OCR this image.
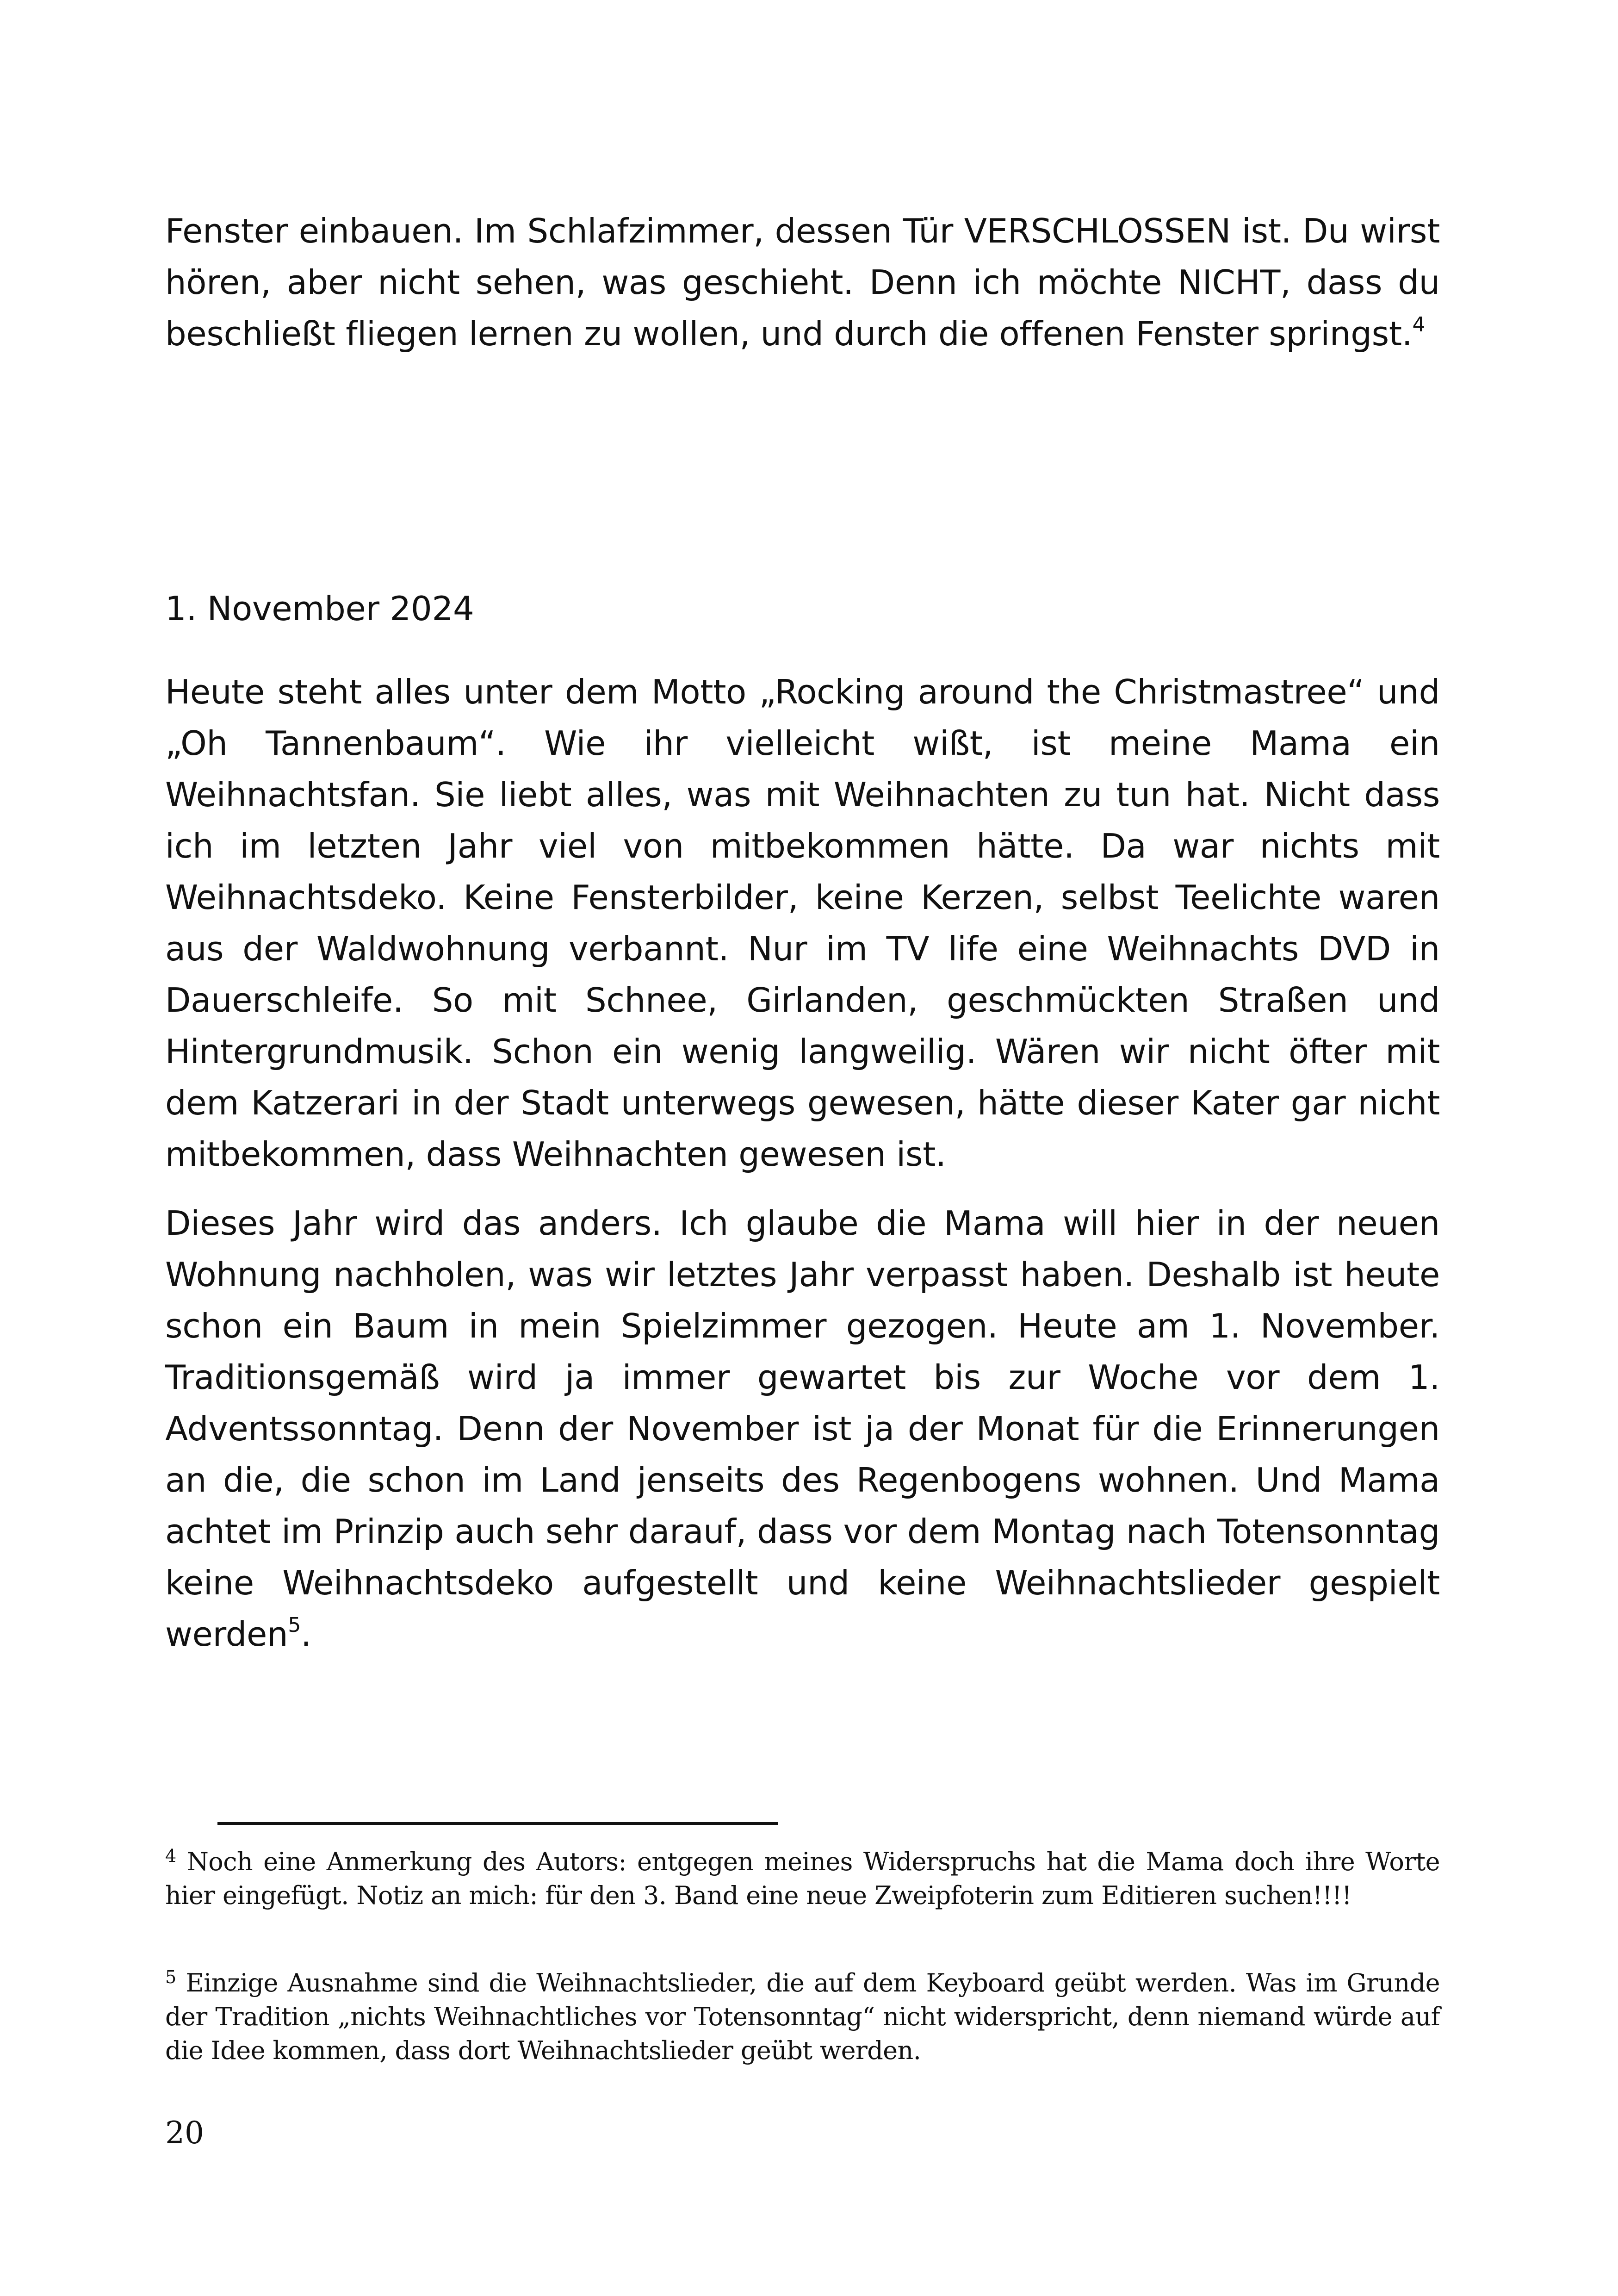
Fenster einbauen. Im Schlafzimmer, dessen Tür VERSCHLOSSEN ist. Du wirst hören, aber nicht sehen, was geschieht. Denn ich möchte NICHT, dass du beschließt fliegen lernen zu wollen, und durch die offenen Fenster springst.$^4$

1. November 2024

Heute steht alles unter dem Motto „Rocking around the Christmastree“ und „Oh Tannenbaum“. Wie ihr vielleicht wißt, ist meine Mama ein Weihnachtsfan. Sie liebt alles, was mit Weihnachten zu tun hat. Nicht dass ich im letzten Jahr viel von mitbekommen hätte. Da war nichts mit Weihnachtsdeko. Keine Fensterbilder, keine Kerzen, selbst Teelichte waren aus der Waldwohnung verbannt. Nur im TV life eine Weihnachts DVD in Dauerschleife. So mit Schnee, Girlanden, geschmückten Straßen und Hintergrundmusik. Schon ein wenig langweilig. Wären wir nicht öfter mit dem Katzerari in der Stadt unterwegs gewesen, hätte dieser Kater gar nicht mitbekommen, dass Weihnachten gewesen ist.

Dieses Jahr wird das anders. Ich glaube die Mama will hier in der neuen Wohnung nachholen, was wir letztes Jahr verpasst haben. Deshalb ist heute schon ein Baum in mein Spielzimmer gezogen. Heute am 1. November. Traditionsgemäß wird ja immer gewartet bis zur Woche vor dem 1. Adventssonntag. Denn der November ist ja der Monat für die Erinnerungen an die, die schon im Land jenseits des Regenbogens wohnen. Und Mama achtet im Prinzip auch sehr darauf, dass vor dem Montag nach Totensonntag keine Weihnachtsdeko aufgestellt und keine Weihnachtslieder gespielt werden$^5$.

$^4$ Noch eine Anmerkung des Autors: entgegen meines Widerspruchs hat die Mama doch ihre Worte hier eingefügt. Notiz an mich: für den 3. Band eine neue Zweipfoterin zum Editieren suchen!!!!

$^5$ Einzige Ausnahme sind die Weihnachtslieder, die auf dem Keyboard geübt werden. Was im Grunde der Tradition „nichts Weihnachtliches vor Totensonntag“ nicht widerspricht, denn niemand würde auf die Idee kommen, dass dort Weihnachtslieder geübt werden.

20
